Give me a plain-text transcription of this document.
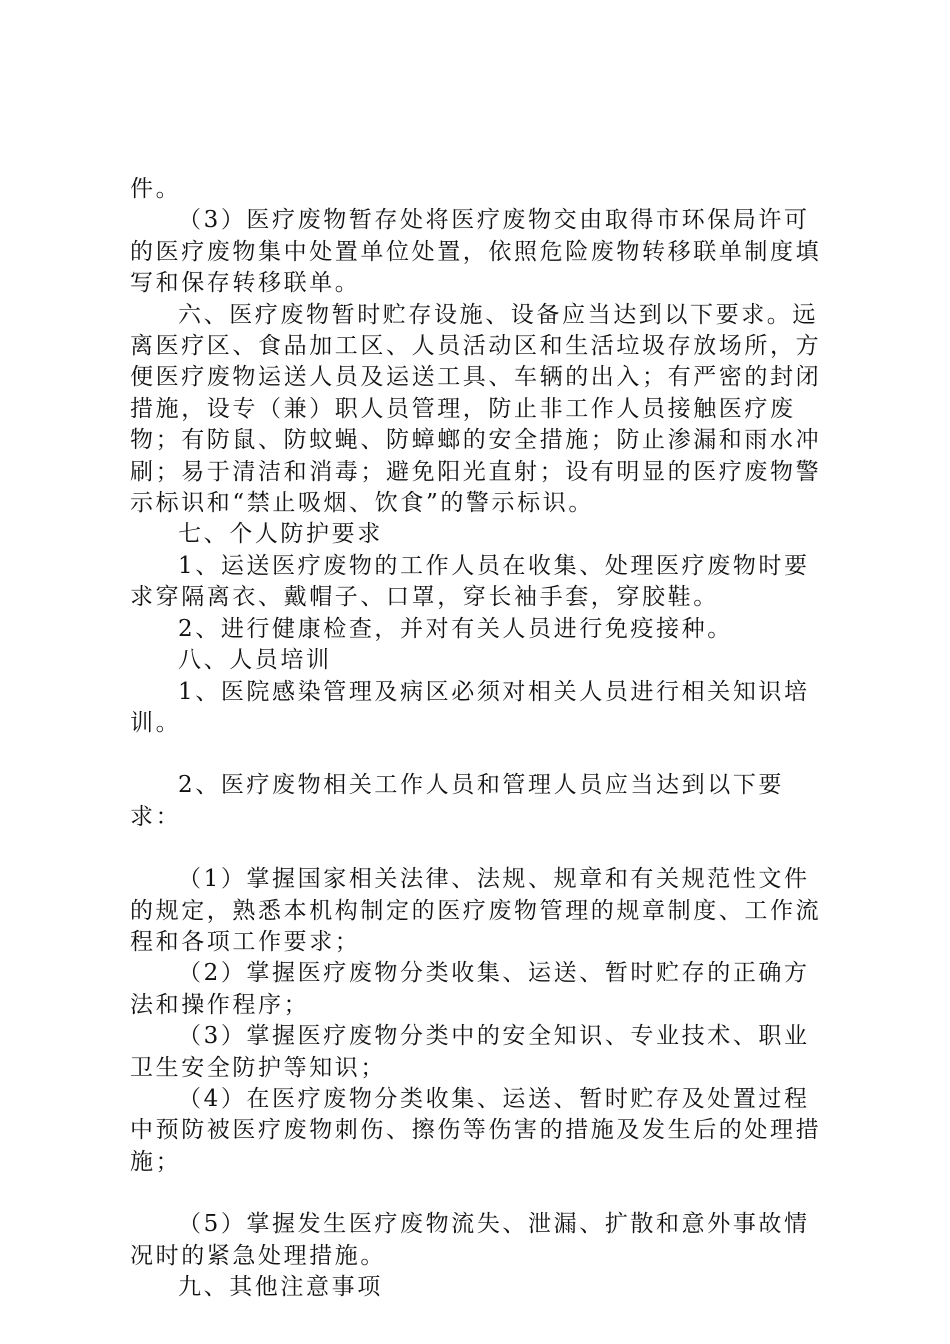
件。

（3）医疗废物暂存处将医疗废物交由取得市环保局许可的医疗废物集中处置单位处置，依照危险废物转移联单制度填写和保存转移联单。

六、医疗废物暂时贮存设施、设备应当达到以下要求。远离医疗区、食品加工区、人员活动区和生活垃圾存放场所，方便医疗废物运送人员及运送工具、车辆的出入；有严密的封闭措施，设专（兼）职人员管理，防止非工作人员接触医疗废物；有防鼠、防蚊蝇、防蟑螂的安全措施；防止渗漏和雨水冲刷；易于清洁和消毒；避免阳光直射；设有明显的医疗废物警示标识和“禁止吸烟、饮食”的警示标识。

七、个人防护要求

1、运送医疗废物的工作人员在收集、处理医疗废物时要求穿隔离衣、戴帽子、口罩，穿长袖手套，穿胶鞋。

2、进行健康检查，并对有关人员进行免疫接种。

八、人员培训

1、医院感染管理及病区必须对相关人员进行相关知识培训。

2、医疗废物相关工作人员和管理人员应当达到以下要求：

（1）掌握国家相关法律、法规、规章和有关规范性文件的规定，熟悉本机构制定的医疗废物管理的规章制度、工作流程和各项工作要求；

（2）掌握医疗废物分类收集、运送、暂时贮存的正确方法和操作程序；

（3）掌握医疗废物分类中的安全知识、专业技术、职业卫生安全防护等知识；

（4）在医疗废物分类收集、运送、暂时贮存及处置过程中预防被医疗废物刺伤、擦伤等伤害的措施及发生后的处理措施；

（5）掌握发生医疗废物流失、泄漏、扩散和意外事故情况时的紧急处理措施。

九、其他注意事项
